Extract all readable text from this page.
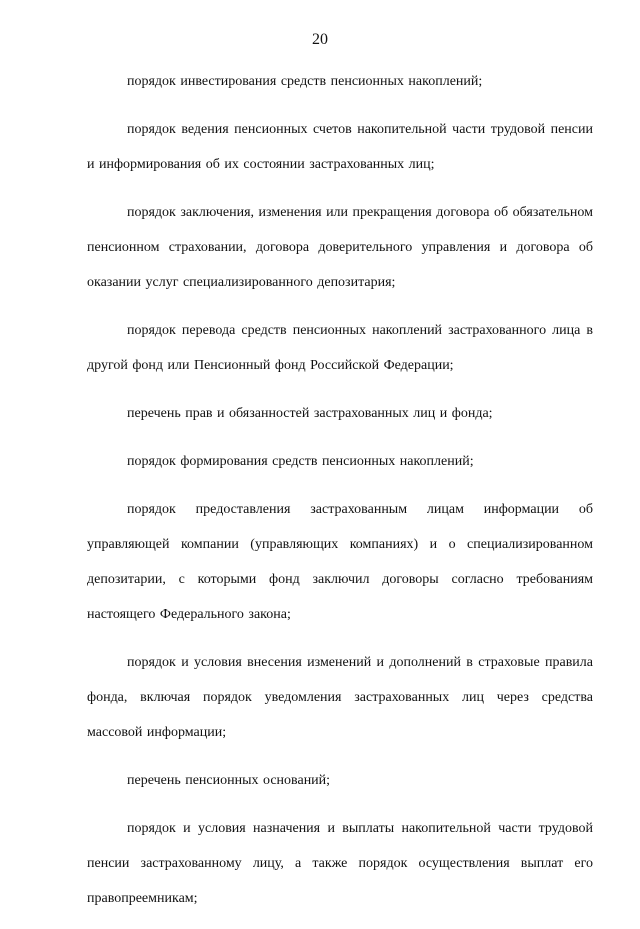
20

порядок инвестирования средств пенсионных накоплений;

порядок ведения пенсионных счетов накопительной части трудовой пенсии и информирования об их состоянии застрахованных лиц;

порядок заключения, изменения или прекращения договора об обязательном пенсионном страховании, договора доверительного управления и договора об оказании услуг специализированного депозитария;

порядок перевода средств пенсионных накоплений застрахованного лица в другой фонд или Пенсионный фонд Российской Федерации;

перечень прав и обязанностей застрахованных лиц и фонда;

порядок формирования средств пенсионных накоплений;

порядок предоставления застрахованным лицам информации об управляющей компании (управляющих компаниях) и о специализированном депозитарии, с которыми фонд заключил договоры согласно требованиям настоящего Федерального закона;

порядок и условия внесения изменений и дополнений в страховые правила фонда, включая порядок уведомления застрахованных лиц через средства массовой информации;

перечень пенсионных оснований;

порядок и условия назначения и выплаты накопительной части трудовой пенсии застрахованному лицу, а также порядок осуществления выплат его правопреемникам;
